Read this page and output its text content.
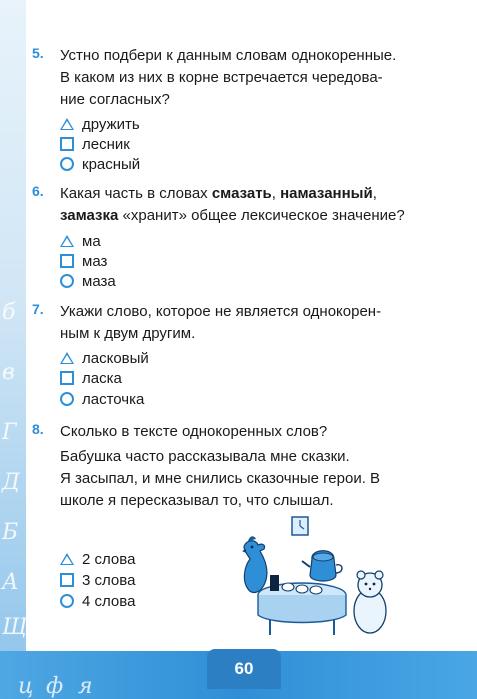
б
в
Г
Д
Б
А
Щ
ц ф я
60
5. Устно подбери к данным словам однокоренные.
В каком из них в корне встречается чередова-
ние согласных?
дружить
лесник
красный
6. Какая часть в словах смазать, намазанный,
замазка «хранит» общее лексическое значение?
ма
маз
маза
7. Укажи слово, которое не является однокорен-
ным к двум другим.
ласковый
ласка
ласточка
8. Сколько в тексте однокоренных слов?
Бабушка часто рассказывала мне сказки.
Я засыпал, и мне снились сказочные герои. В
школе я пересказывал то, что слышал.
2 слова
3 слова
4 слова
